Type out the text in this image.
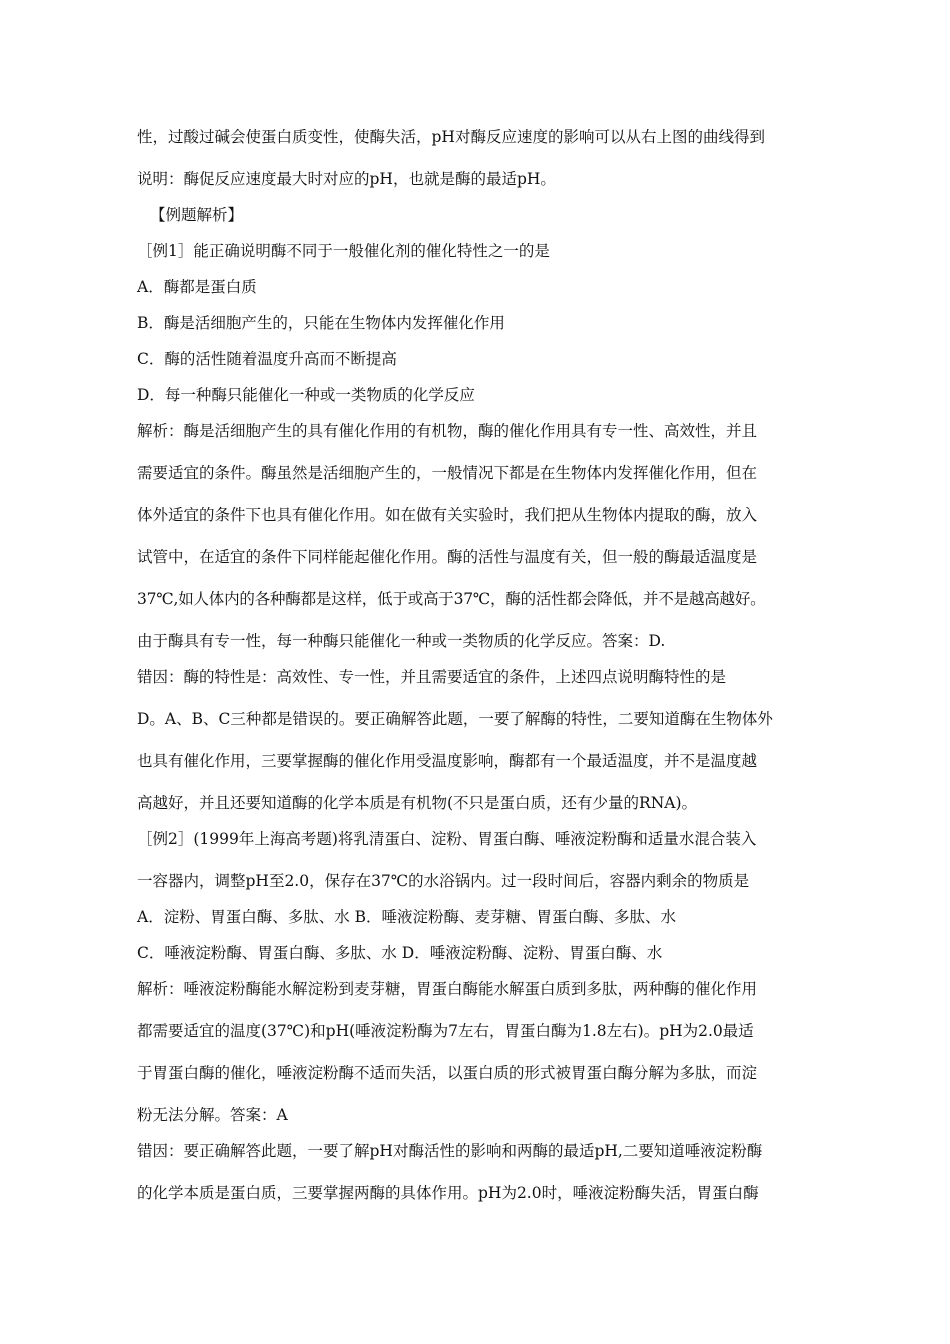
性，过酸过碱会使蛋白质变性，使酶失活，pH对酶反应速度的影响可以从右上图的曲线得到
说明：酶促反应速度最大时对应的pH，也就是酶的最适pH。
【例题解析】
［例1］能正确说明酶不同于一般催化剂的催化特性之一的是
A．酶都是蛋白质
B．酶是活细胞产生的，只能在生物体内发挥催化作用
C．酶的活性随着温度升高而不断提高
D．每一种酶只能催化一种或一类物质的化学反应
解析：酶是活细胞产生的具有催化作用的有机物，酶的催化作用具有专一性、高效性，并且
需要适宜的条件。酶虽然是活细胞产生的，一般情况下都是在生物体内发挥催化作用，但在
体外适宜的条件下也具有催化作用。如在做有关实验时，我们把从生物体内提取的酶，放入
试管中，在适宜的条件下同样能起催化作用。酶的活性与温度有关，但一般的酶最适温度是
37℃,如人体内的各种酶都是这样，低于或高于37℃，酶的活性都会降低，并不是越高越好。
由于酶具有专一性，每一种酶只能催化一种或一类物质的化学反应。答案：D.
错因：酶的特性是：高效性、专一性，并且需要适宜的条件，上述四点说明酶特性的是
D。A、B、C三种都是错误的。要正确解答此题，一要了解酶的特性，二要知道酶在生物体外
也具有催化作用，三要掌握酶的催化作用受温度影响，酶都有一个最适温度，并不是温度越
高越好，并且还要知道酶的化学本质是有机物(不只是蛋白质，还有少量的RNA)。
［例2］(1999年上海高考题)将乳清蛋白、淀粉、胃蛋白酶、唾液淀粉酶和适量水混合装入
一容器内，调整pH至2.0，保存在37℃的水浴锅内。过一段时间后，容器内剩余的物质是
A．淀粉、胃蛋白酶、多肽、水 B．唾液淀粉酶、麦芽糖、胃蛋白酶、多肽、水
C．唾液淀粉酶、胃蛋白酶、多肽、水 D．唾液淀粉酶、淀粉、胃蛋白酶、水
解析：唾液淀粉酶能水解淀粉到麦芽糖，胃蛋白酶能水解蛋白质到多肽，两种酶的催化作用
都需要适宜的温度(37℃)和pH(唾液淀粉酶为7左右，胃蛋白酶为1.8左右)。pH为2.0最适
于胃蛋白酶的催化，唾液淀粉酶不适而失活，以蛋白质的形式被胃蛋白酶分解为多肽，而淀
粉无法分解。答案：A
错因：要正确解答此题，一要了解pH对酶活性的影响和两酶的最适pH,二要知道唾液淀粉酶
的化学本质是蛋白质，三要掌握两酶的具体作用。pH为2.0时，唾液淀粉酶失活，胃蛋白酶
